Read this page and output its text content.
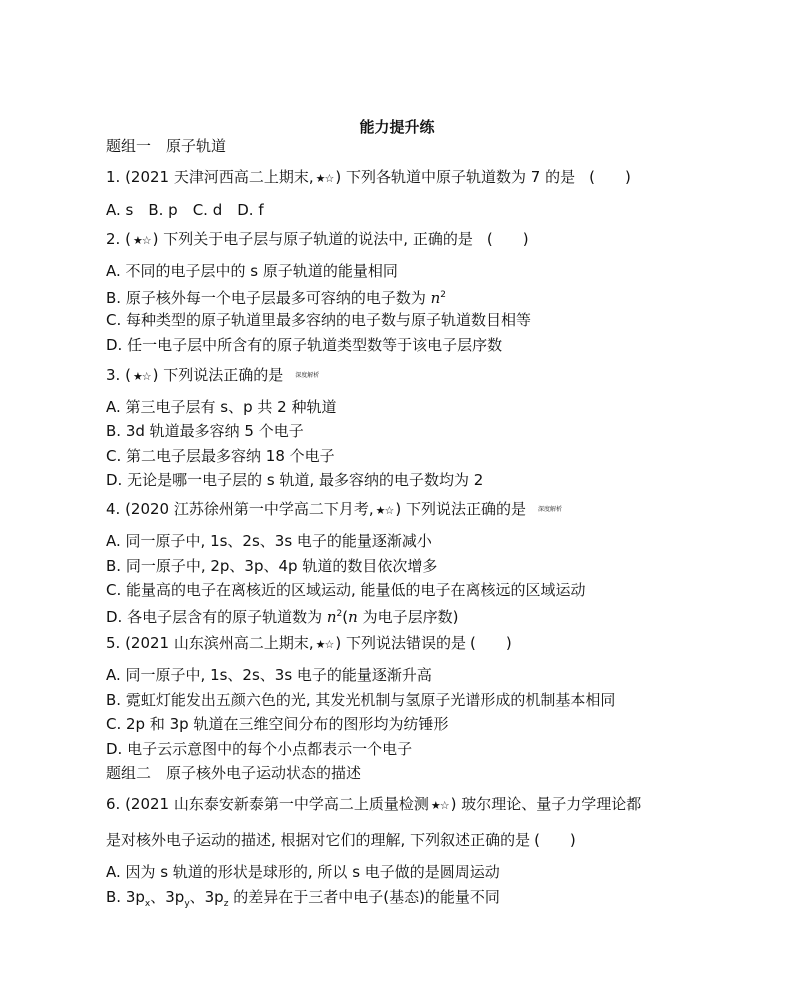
能力提升练
题组一　原子轨道
1. (2021 天津河西高二上期末, ★☆ ) 下列各轨道中原子轨道数为 7 的是 (　　)
A. s　B. p　C. d　D. f
2. ( ★☆ ) 下列关于电子层与原子轨道的说法中, 正确的是 (　　)
A. 不同的电子层中的 s 原子轨道的能量相同
B. 原子核外每一个电子层最多可容纳的电子数为 $n^2$
C. 每种类型的原子轨道里最多容纳的电子数与原子轨道数目相等
D. 任一电子层中所含有的原子轨道类型数等于该电子层序数
3. ( ★☆ ) 下列说法正确的是 深度解析
A. 第三电子层有 s、p 共 2 种轨道
B. 3d 轨道最多容纳 5 个电子
C. 第二电子层最多容纳 18 个电子
D. 无论是哪一电子层的 s 轨道, 最多容纳的电子数均为 2
4. (2020 江苏徐州第一中学高二下月考, ★☆ ) 下列说法正确的是 深度解析
A. 同一原子中, 1s、2s、3s 电子的能量逐渐减小
B. 同一原子中, 2p、3p、4p 轨道的数目依次增多
C. 能量高的电子在离核近的区域运动, 能量低的电子在离核远的区域运动
D. 各电子层含有的原子轨道数为 $n^2(n$ 为电子层序数)
5. (2021 山东滨州高二上期末, ★☆ ) 下列说法错误的是 (　　)
A. 同一原子中, 1s、2s、3s 电子的能量逐渐升高
B. 霓虹灯能发出五颜六色的光, 其发光机制与氢原子光谱形成的机制基本相同
C. 2p 和 3p 轨道在三维空间分布的图形均为纺锤形
D. 电子云示意图中的每个小点都表示一个电子
题组二　原子核外电子运动状态的描述
6. (2021 山东泰安新泰第一中学高二上质量检测 ★☆ ) 玻尔理论、量子力学理论都
是对核外电子运动的描述, 根据对它们的理解, 下列叙述正确的是 (　　)
A. 因为 s 轨道的形状是球形的, 所以 s 电子做的是圆周运动
B. $3p_x$、$3p_y$、$3p_z$ 的差异在于三者中电子(基态)的能量不同
